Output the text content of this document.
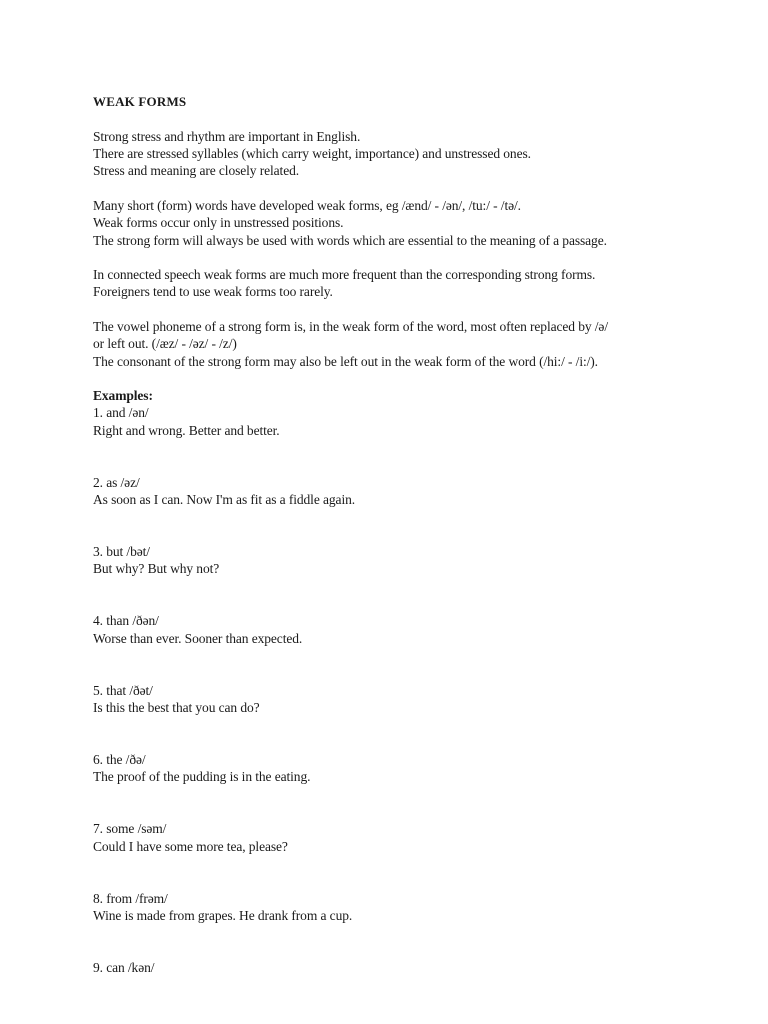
WEAK FORMS
Strong stress and rhythm are important in English.
There are stressed syllables (which carry weight, importance) and unstressed ones.
Stress and meaning are closely related.
Many short (form) words have developed weak forms, eg /ænd/ - /ən/, /tu:/ - /tə/.
Weak forms occur only in unstressed positions.
The strong form will always be used with words which are essential to the meaning of a passage.
In connected speech weak forms are much more frequent than the corresponding strong forms.
Foreigners tend to use weak forms too rarely.
The vowel phoneme of a strong form is, in the weak form of the word, most often replaced by /ə/
or left out. (/æz/ - /əz/ - /z/)
The consonant of the strong form may also be left out in the weak form of the word (/hi:/ - /i:/).
Examples:
1. and /ən/
Right and wrong. Better and better.
2. as /əz/
As soon as I can. Now I'm as fit as a fiddle again.
3. but /bət/
But why? But why not?
4. than /ðən/
Worse than ever. Sooner than expected.
5. that /ðət/
Is this the best that you can do?
6. the /ðə/
The proof of the pudding is in the eating.
7. some /səm/
Could I have some more tea, please?
8. from /frəm/
Wine is made from grapes. He drank from a cup.
9. can /kən/
